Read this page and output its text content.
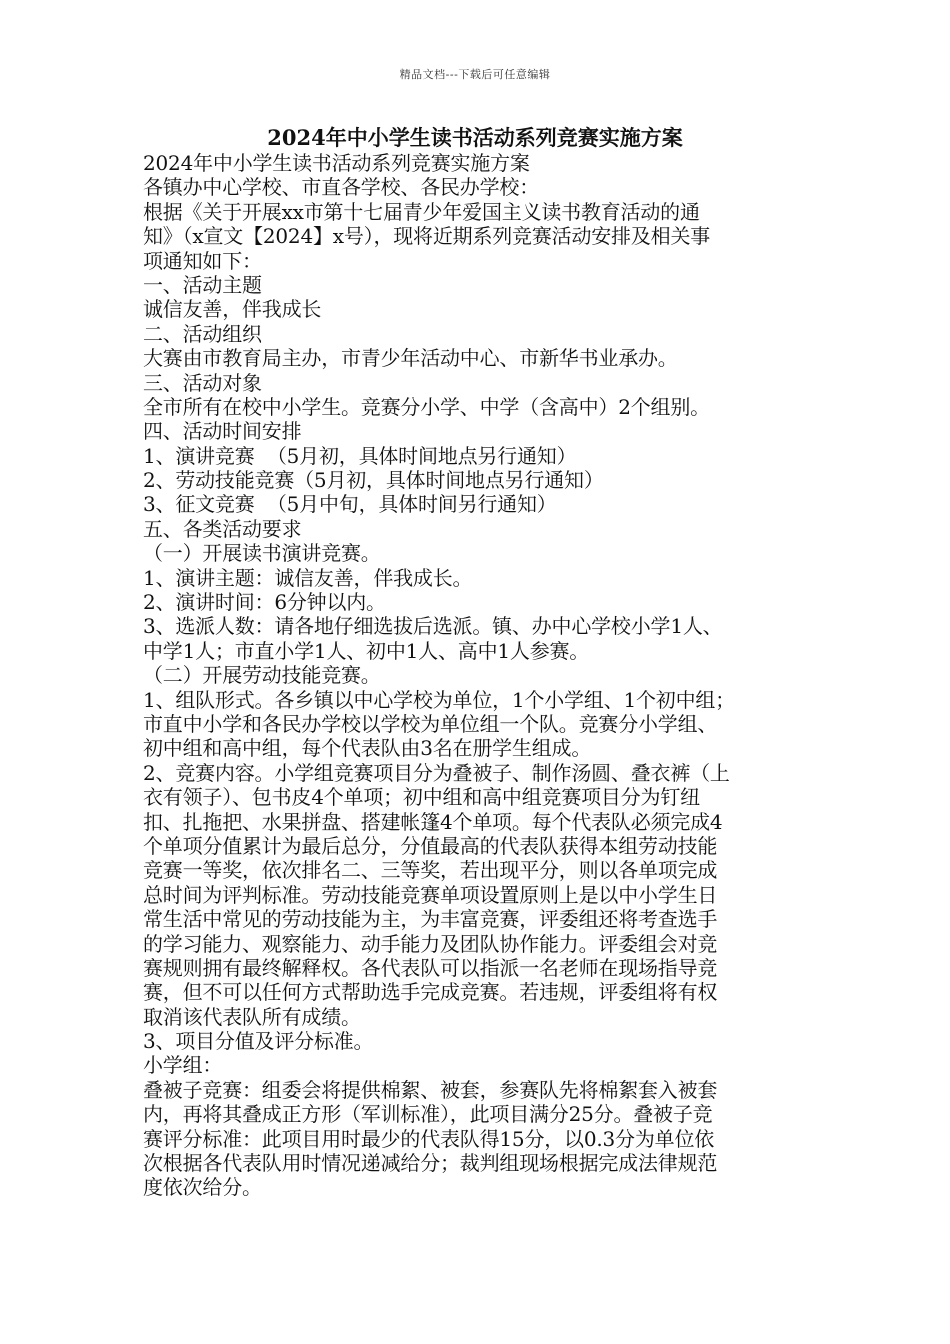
精品文档---下载后可任意编辑
2024年中小学生读书活动系列竞赛实施方案
2024年中小学生读书活动系列竞赛实施方案
各镇办中心学校、市直各学校、各民办学校：
根据《关于开展xx市第十七届青少年爱国主义读书教育活动的通
知》（x宣文【2024】x号），现将近期系列竞赛活动安排及相关事
项通知如下：
一、活动主题
诚信友善，伴我成长
二、活动组织
大赛由市教育局主办，市青少年活动中心、市新华书业承办。
三、活动对象
全市所有在校中小学生。竞赛分小学、中学（含高中）2个组别。
四、活动时间安排
1、演讲竞赛  （5月初，具体时间地点另行通知）
2、劳动技能竞赛（5月初，具体时间地点另行通知）
3、征文竞赛  （5月中旬，具体时间另行通知）
五、各类活动要求
（一）开展读书演讲竞赛。
1、演讲主题：诚信友善，伴我成长。
2、演讲时间：6分钟以内。
3、选派人数：请各地仔细选拔后选派。镇、办中心学校小学1人、
中学1人；市直小学1人、初中1人、高中1人参赛。
（二）开展劳动技能竞赛。
1、组队形式。各乡镇以中心学校为单位，1个小学组、1个初中组；
市直中小学和各民办学校以学校为单位组一个队。竞赛分小学组、
初中组和高中组，每个代表队由3名在册学生组成。
2、竞赛内容。小学组竞赛项目分为叠被子、制作汤圆、叠衣裤（上
衣有领子）、包书皮4个单项；初中组和高中组竞赛项目分为钉纽
扣、扎拖把、水果拼盘、搭建帐篷4个单项。每个代表队必须完成4
个单项分值累计为最后总分，分值最高的代表队获得本组劳动技能
竞赛一等奖，依次排名二、三等奖，若出现平分，则以各单项完成
总时间为评判标准。劳动技能竞赛单项设置原则上是以中小学生日
常生活中常见的劳动技能为主，为丰富竞赛，评委组还将考查选手
的学习能力、观察能力、动手能力及团队协作能力。评委组会对竞
赛规则拥有最终解释权。各代表队可以指派一名老师在现场指导竞
赛，但不可以任何方式帮助选手完成竞赛。若违规，评委组将有权
取消该代表队所有成绩。
3、项目分值及评分标准。
小学组：
叠被子竞赛：组委会将提供棉絮、被套，参赛队先将棉絮套入被套
内，再将其叠成正方形（军训标准），此项目满分25分。叠被子竞
赛评分标准：此项目用时最少的代表队得15分，以0.3分为单位依
次根据各代表队用时情况递减给分；裁判组现场根据完成法律规范
度依次给分。
